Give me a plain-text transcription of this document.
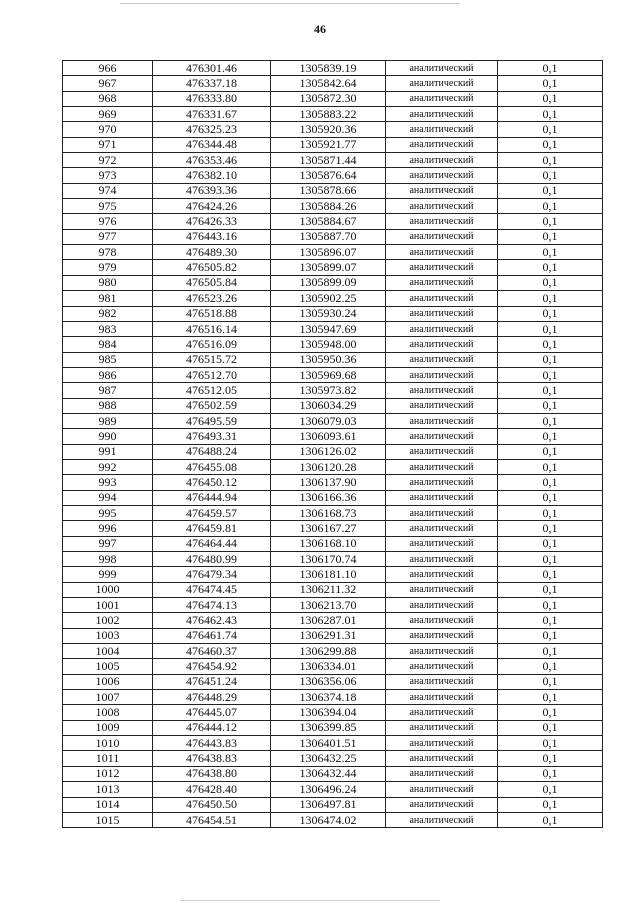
46
966	476301.46	1305839.19	аналитический	0,1
967	476337.18	1305842.64	аналитический	0,1
968	476333.80	1305872.30	аналитический	0,1
969	476331.67	1305883.22	аналитический	0,1
970	476325.23	1305920.36	аналитический	0,1
971	476344.48	1305921.77	аналитический	0,1
972	476353.46	1305871.44	аналитический	0,1
973	476382.10	1305876.64	аналитический	0,1
974	476393.36	1305878.66	аналитический	0,1
975	476424.26	1305884.26	аналитический	0,1
976	476426.33	1305884.67	аналитический	0,1
977	476443.16	1305887.70	аналитический	0,1
978	476489.30	1305896.07	аналитический	0,1
979	476505.82	1305899.07	аналитический	0,1
980	476505.84	1305899.09	аналитический	0,1
981	476523.26	1305902.25	аналитический	0,1
982	476518.88	1305930.24	аналитический	0,1
983	476516.14	1305947.69	аналитический	0,1
984	476516.09	1305948.00	аналитический	0,1
985	476515.72	1305950.36	аналитический	0,1
986	476512.70	1305969.68	аналитический	0,1
987	476512.05	1305973.82	аналитический	0,1
988	476502.59	1306034.29	аналитический	0,1
989	476495.59	1306079.03	аналитический	0,1
990	476493.31	1306093.61	аналитический	0,1
991	476488.24	1306126.02	аналитический	0,1
992	476455.08	1306120.28	аналитический	0,1
993	476450.12	1306137.90	аналитический	0,1
994	476444.94	1306166.36	аналитический	0,1
995	476459.57	1306168.73	аналитический	0,1
996	476459.81	1306167.27	аналитический	0,1
997	476464.44	1306168.10	аналитический	0,1
998	476480.99	1306170.74	аналитический	0,1
999	476479.34	1306181.10	аналитический	0,1
1000	476474.45	1306211.32	аналитический	0,1
1001	476474.13	1306213.70	аналитический	0,1
1002	476462.43	1306287.01	аналитический	0,1
1003	476461.74	1306291.31	аналитический	0,1
1004	476460.37	1306299.88	аналитический	0,1
1005	476454.92	1306334.01	аналитический	0,1
1006	476451.24	1306356.06	аналитический	0,1
1007	476448.29	1306374.18	аналитический	0,1
1008	476445.07	1306394.04	аналитический	0,1
1009	476444.12	1306399.85	аналитический	0,1
1010	476443.83	1306401.51	аналитический	0,1
1011	476438.83	1306432.25	аналитический	0,1
1012	476438.80	1306432.44	аналитический	0,1
1013	476428.40	1306496.24	аналитический	0,1
1014	476450.50	1306497.81	аналитический	0,1
1015	476454.51	1306474.02	аналитический	0,1
